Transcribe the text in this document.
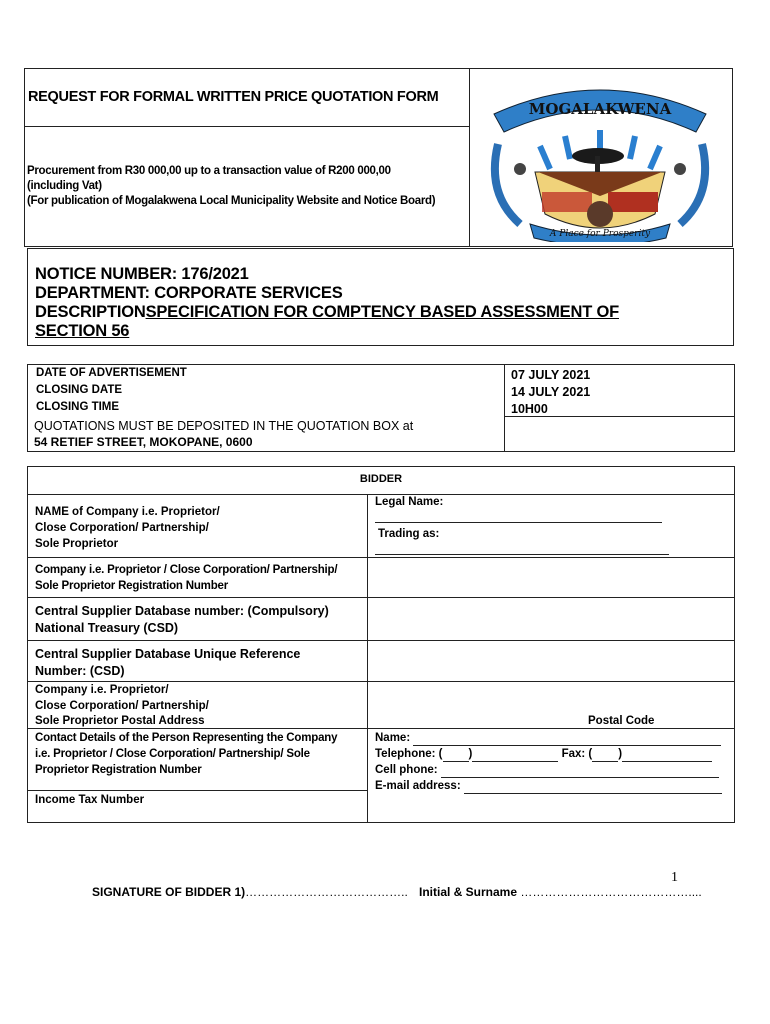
REQUEST FOR FORMAL WRITTEN PRICE QUOTATION FORM
Procurement from R30 000,00 up to a transaction value of R200 000,00
(including Vat)
(For publication of Mogalakwena Local Municipality Website and Notice Board)
MOGALAKWENA
A Place for Prosperity
NOTICE NUMBER: 176/2021
DEPARTMENT: CORPORATE SERVICES
DESCRIPTIONSPECIFICATION FOR COMPTENCY BASED ASSESSMENT OF
SECTION 56
DATE OF ADVERTISEMENT
CLOSING DATE
CLOSING TIME
07 JULY 2021
14 JULY 2021
10H00
QUOTATIONS MUST BE DEPOSITED IN THE QUOTATION BOX at
54 RETIEF STREET, MOKOPANE, 0600
BIDDER
NAME of Company i.e. Proprietor/
Close Corporation/ Partnership/
Sole Proprietor
Legal Name:
Trading as:
Company i.e. Proprietor / Close Corporation/ Partnership/
Sole Proprietor Registration Number
Central Supplier Database number: (Compulsory)
National Treasury (CSD)
Central Supplier Database Unique Reference
Number: (CSD)
Company i.e. Proprietor/
Close Corporation/ Partnership/
Sole Proprietor Postal Address	Postal Code
Contact Details of the Person Representing the Company
i.e. Proprietor / Close Corporation/ Partnership/ Sole
Proprietor Registration Number
Name:
Telephone: ( )	Fax: ( )
Cell phone:
E-mail address:
Income Tax Number
1
SIGNATURE OF BIDDER 1)………………………………….. Initial & Surname ……………………………………....
